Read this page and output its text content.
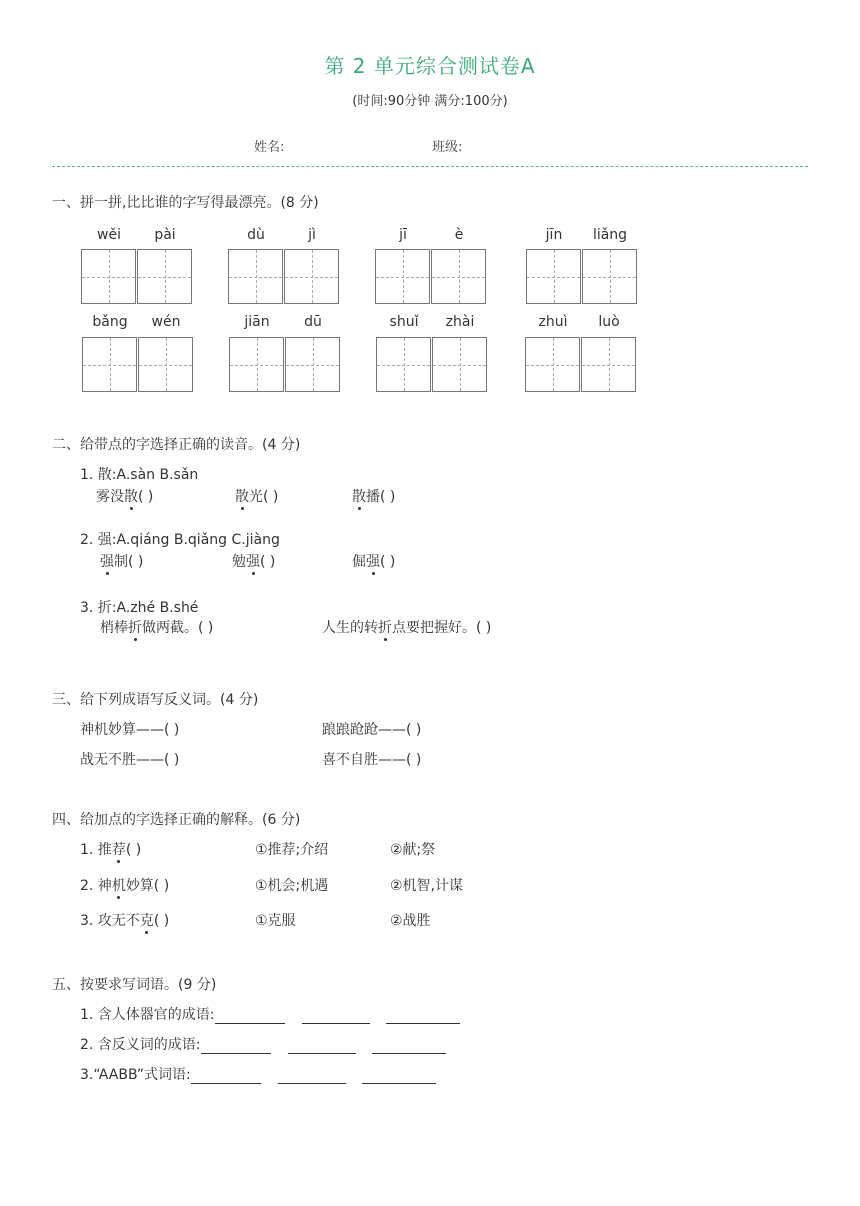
第 2 单元综合测试卷A
(时间:90分钟 满分:100分)
姓名:	班级:
一、拼一拼,比比谁的字写得最漂亮。(8 分)
wěi	pài	dù	jì	jī	è	jīn	liǎng
bǎng	wén	jiān	dū	shuǐ	zhài	zhuì	luò
二、给带点的字选择正确的读音。(4 分)
1. 散:A.sàn B.sǎn
雾没散( )	散光( )	散播( )
2. 强:A.qiáng B.qiǎng C.jiàng
强制( )	勉强( )	倔强( )
3. 折:A.zhé B.shé
梢棒折做两截。( )	人生的转折点要把握好。( )
三、给下列成语写反义词。(4 分)
神机妙算——( )	踉踉跄跄——( )
战无不胜——( )	喜不自胜——( )
四、给加点的字选择正确的解释。(6 分)
1. 推荐( )	①推荐;介绍	②献;祭
2. 神机妙算( )	①机会;机遇	②机智,计谋
3. 攻无不克( )	①克服	②战胜
五、按要求写词语。(9 分)
1. 含人体器官的成语:
2. 含反义词的成语:
3.“AABB”式词语:
